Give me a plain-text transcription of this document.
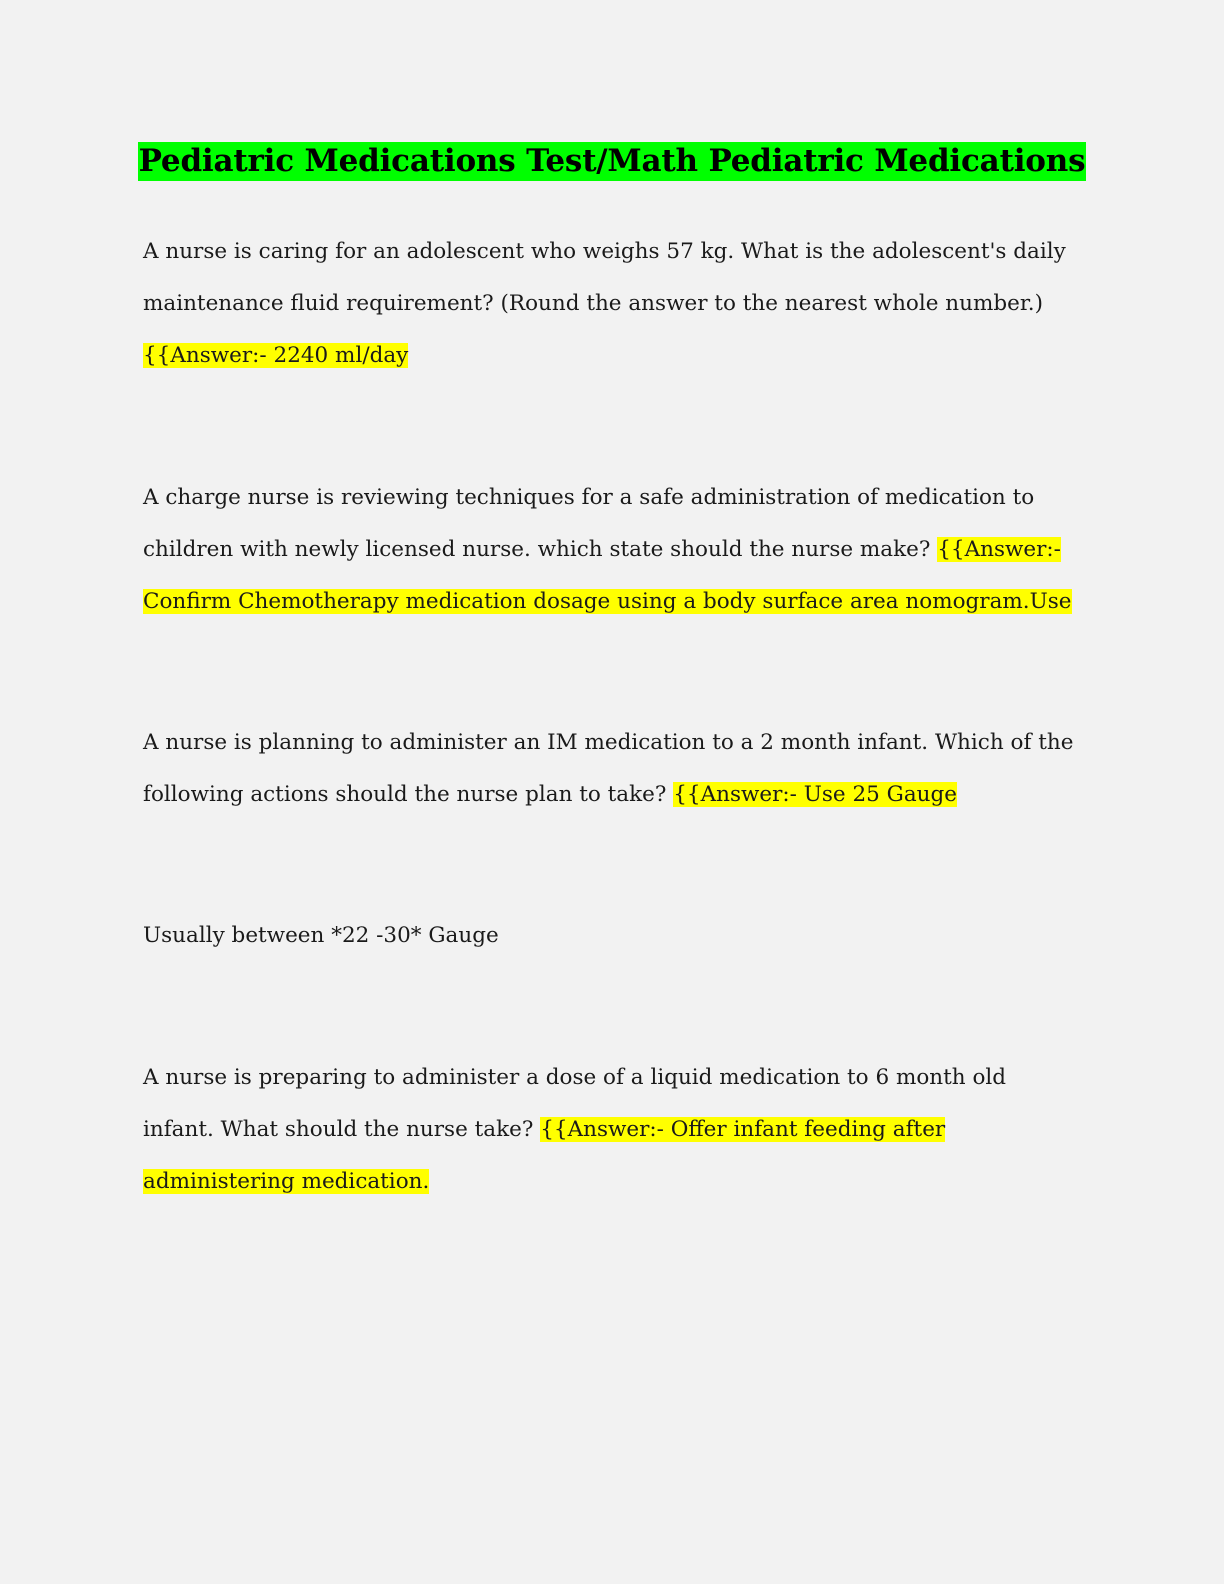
Pediatric Medications Test/Math Pediatric Medications
A nurse is caring for an adolescent who weighs 57 kg. What is the adolescent's daily maintenance fluid requirement? (Round the answer to the nearest whole number.)
{{Answer:- 2240 ml/day
A charge nurse is reviewing techniques for a safe administration of medication to children with newly licensed nurse. which state should the nurse make? {{Answer:- Confirm Chemotherapy medication dosage using a body surface area nomogram.Use
A nurse is planning to administer an IM medication to a 2 month infant. Which of the following actions should the nurse plan to take? {{Answer:- Use 25 Gauge
Usually between *22 -30* Gauge
A nurse is preparing to administer a dose of a liquid medication to 6 month old infant. What should the nurse take? {{Answer:- Offer infant feeding after administering medication.
